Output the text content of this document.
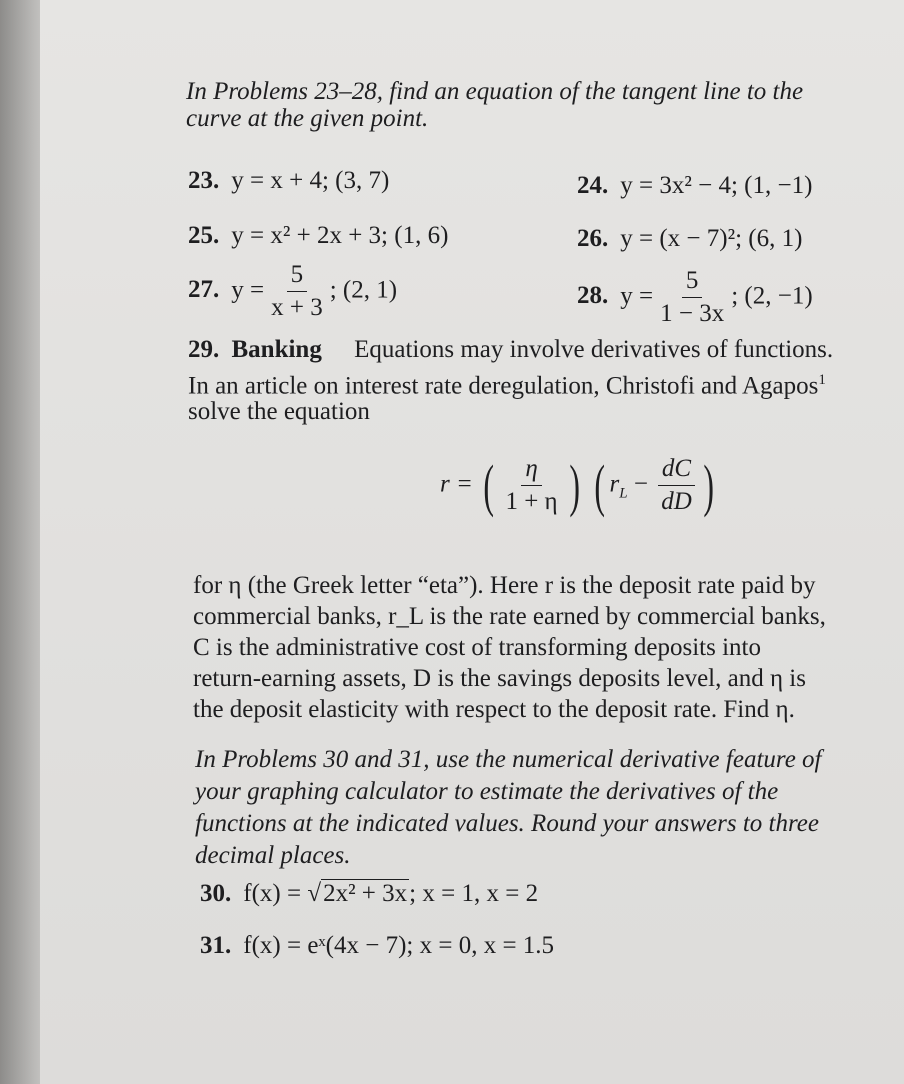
In Problems 23–28, find an equation of the tangent line to the
curve at the given point.
23. y = x + 4; (3, 7)	24. y = 3x² − 4; (1, −1)
25. y = x² + 2x + 3; (1, 6)	26. y = (x − 7)²; (6, 1)
27. $y = \frac{5}{x + 3}$ ; (2, 1)	28. $y = \frac{5}{1 - 3x}$ ; (2, −1)
29. Banking Equations may involve derivatives of functions.
In an article on interest rate deregulation, Christofi and Agapos$^1$
solve the equation
r = ( $\frac{\eta}{1 + \eta}$ ) ( $r_L - \frac{dC}{dD}$ )
for η (the Greek letter “eta”). Here r is the deposit rate paid by
commercial banks, r_L is the rate earned by commercial banks,
C is the administrative cost of transforming deposits into
return-earning assets, D is the savings deposits level, and η is
the deposit elasticity with respect to the deposit rate. Find η.
In Problems 30 and 31, use the numerical derivative feature of
your graphing calculator to estimate the derivatives of the
functions at the indicated values. Round your answers to three
decimal places.
30. f(x) = √2x² + 3x; x = 1, x = 2
31. f(x) = eˣ(4x − 7); x = 0, x = 1.5
